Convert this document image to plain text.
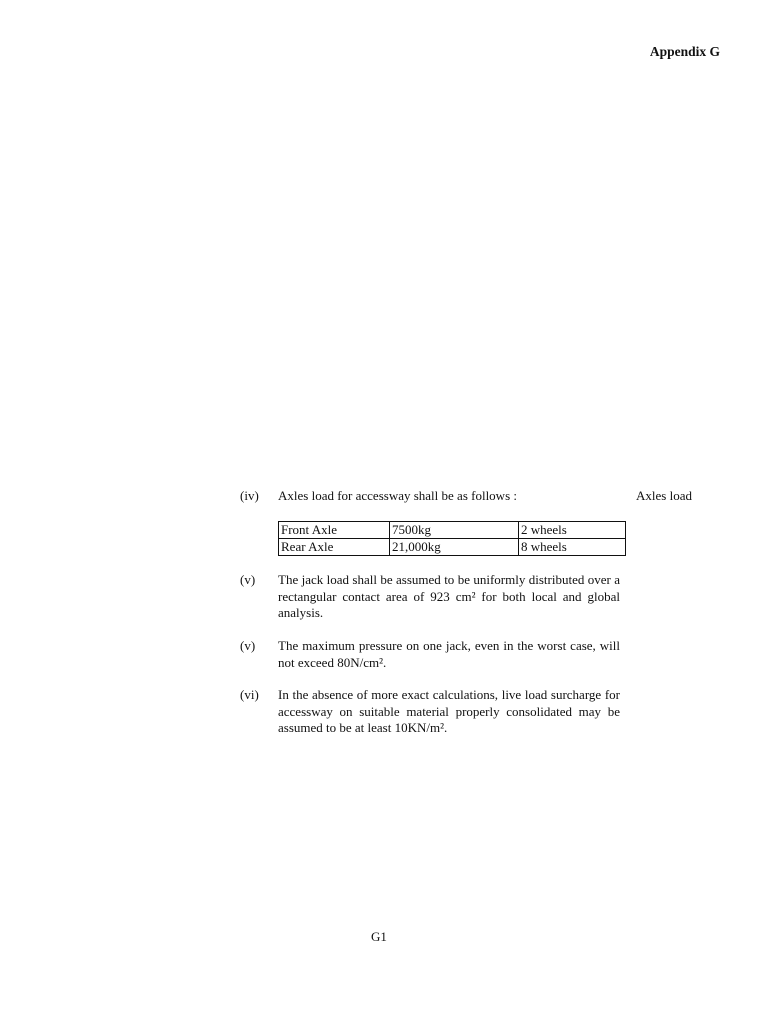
Appendix G
(iv)	Axles load for accessway shall be as follows :	Axles load
Front Axle	7500kg	2 wheels
Rear Axle	21,000kg	8 wheels
(v)	The jack load shall be assumed to be uniformly distributed over a rectangular contact area of 923 cm² for both local and global analysis.
(v)	The maximum pressure on one jack, even in the worst case, will not exceed 80N/cm².
(vi)	In the absence of more exact calculations, live load surcharge for accessway on suitable material properly consolidated may be assumed to be at least 10KN/m².
G1
